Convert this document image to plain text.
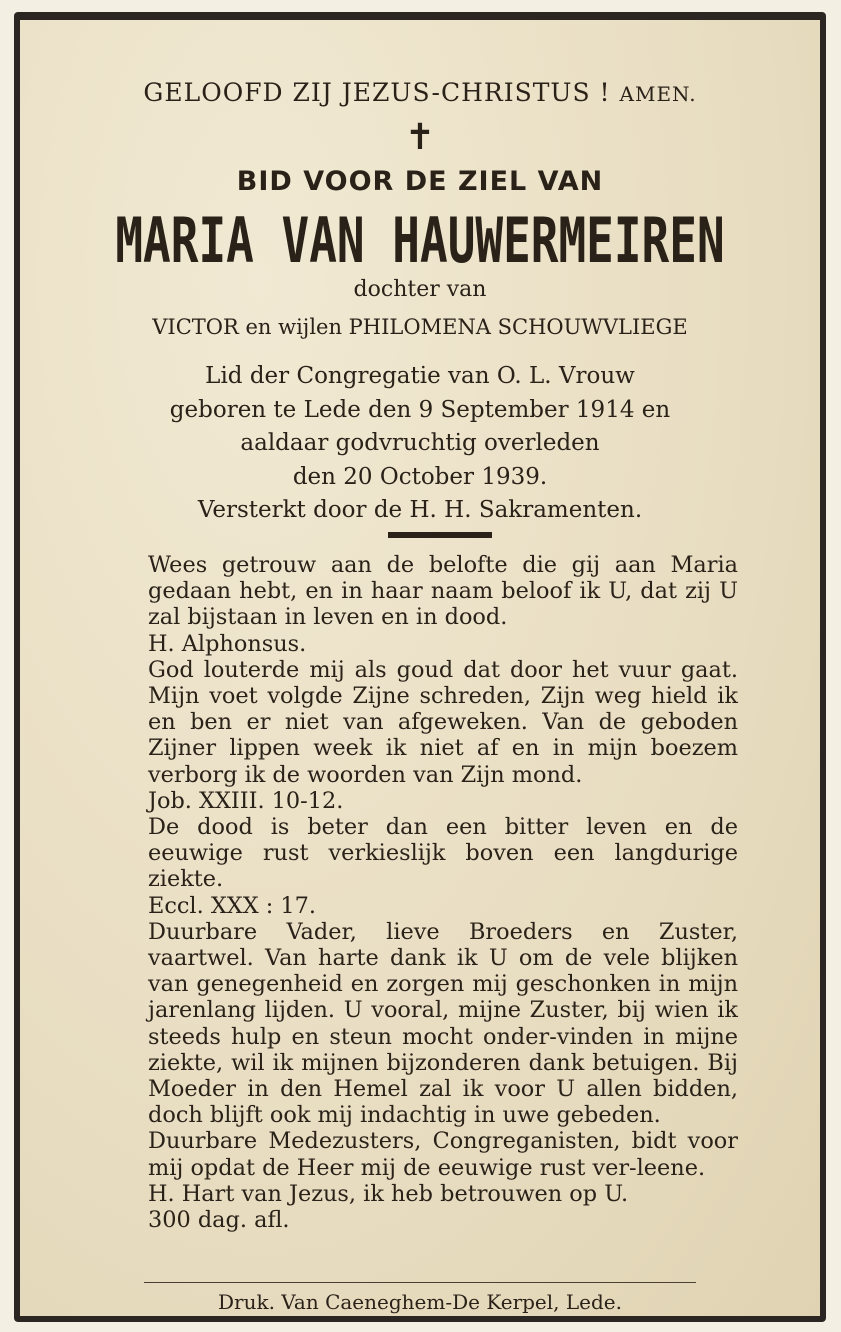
GELOOFD ZIJ JEZUS-CHRISTUS ! AMEN.
✝
BID VOOR DE ZIEL VAN
MARIA VAN HAUWERMEIREN
dochter van
VICTOR en wijlen PHILOMENA SCHOUWVLIEGE
Lid der Congregatie van O. L. Vrouw
geboren te Lede den 9 September 1914 en
aaldaar godvruchtig overleden
den 20 October 1939.
Versterkt door de H. H. Sakramenten.

Wees getrouw aan de belofte die gij aan Maria gedaan hebt, en in haar naam beloof ik U, dat zij U zal bijstaan in leven en in dood.

H. Alphonsus.

God louterde mij als goud dat door het vuur gaat. Mijn voet volgde Zijne schreden, Zijn weg hield ik en ben er niet van afgeweken. Van de geboden Zijner lippen week ik niet af en in mijn boezem verborg ik de woorden van Zijn mond.

Job. XXIII. 10-12.

De dood is beter dan een bitter leven en de eeuwige rust verkieslijk boven een langdurige ziekte.

Eccl. XXX : 17.

Duurbare Vader, lieve Broeders en Zuster, vaartwel. Van harte dank ik U om de vele blijken van genegenheid en zorgen mij geschonken in mijn jarenlang lijden. U vooral, mijne Zuster, bij wien ik steeds hulp en steun mocht onder-vinden in mijne ziekte, wil ik mijnen bijzonderen dank betuigen. Bij Moeder in den Hemel zal ik voor U allen bidden, doch blijft ook mij indachtig in uwe gebeden.

Duurbare Medezusters, Congreganisten, bidt voor mij opdat de Heer mij de eeuwige rust ver-leene.

H. Hart van Jezus, ik heb betrouwen op U.

300 dag. afl.

Druk. Van Caeneghem-De Kerpel, Lede.
